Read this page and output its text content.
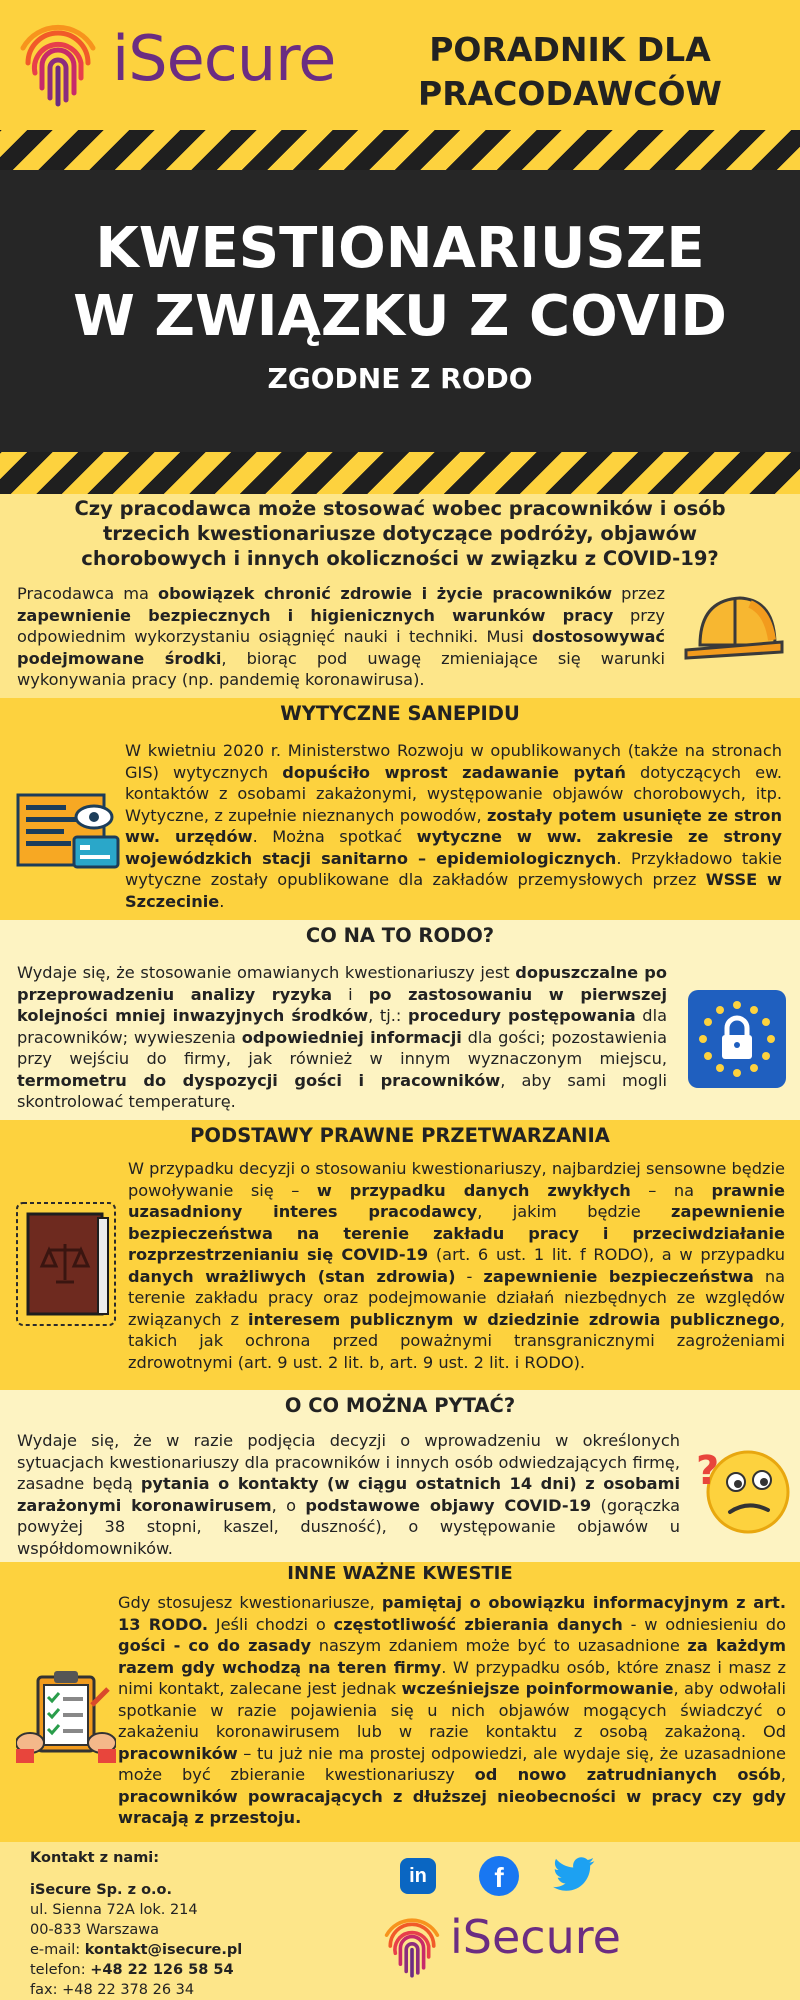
iSecure	PORADNIK DLA
PRACODAWCÓW
KWESTIONARIUSZE
W ZWIĄZKU Z COVID
ZGODNE Z RODO
Czy pracodawca może stosować wobec pracowników i osób trzecich kwestionariusze dotyczące podróży, objawów chorobowych i innych okoliczności w związku z COVID-19?
Pracodawca ma obowiązek chronić zdrowie i życie pracowników przez zapewnienie bezpiecznych i higienicznych warunków pracy przy odpowiednim wykorzystaniu osiągnięć nauki i techniki. Musi dostosowywać podejmowane środki, biorąc pod uwagę zmieniające się warunki wykonywania pracy (np. pandemię koronawirusa).
WYTYCZNE SANEPIDU
W kwietniu 2020 r. Ministerstwo Rozwoju w opublikowanych (także na stronach GIS) wytycznych dopuściło wprost zadawanie pytań dotyczących ew. kontaktów z osobami zakażonymi, występowanie objawów chorobowych, itp. Wytyczne, z zupełnie nieznanych powodów, zostały potem usunięte ze stron ww. urzędów. Można spotkać wytyczne w ww. zakresie ze strony wojewódzkich stacji sanitarno – epidemiologicznych. Przykładowo takie wytyczne zostały opublikowane dla zakładów przemysłowych przez WSSE w Szczecinie.
CO NA TO RODO?
Wydaje się, że stosowanie omawianych kwestionariuszy jest dopuszczalne po przeprowadzeniu analizy ryzyka i po zastosowaniu w pierwszej kolejności mniej inwazyjnych środków, tj.: procedury postępowania dla pracowników; wywieszenia odpowiedniej informacji dla gości; pozostawienia przy wejściu do firmy, jak również w innym wyznaczonym miejscu, termometru do dyspozycji gości i pracowników, aby sami mogli skontrolować temperaturę.
PODSTAWY PRAWNE PRZETWARZANIA
W przypadku decyzji o stosowaniu kwestionariuszy, najbardziej sensowne będzie powoływanie się – w przypadku danych zwykłych – na prawnie uzasadniony interes pracodawcy, jakim będzie zapewnienie bezpieczeństwa na terenie zakładu pracy i przeciwdziałanie rozprzestrzenianiu się COVID-19 (art. 6 ust. 1 lit. f RODO), a w przypadku danych wrażliwych (stan zdrowia) - zapewnienie bezpieczeństwa na terenie zakładu pracy oraz podejmowanie działań niezbędnych ze względów związanych z interesem publicznym w dziedzinie zdrowia publicznego, takich jak ochrona przed poważnymi transgranicznymi zagrożeniami zdrowotnymi (art. 9 ust. 2 lit. b, art. 9 ust. 2 lit. i RODO).
O CO MOŻNA PYTAĆ?
Wydaje się, że w razie podjęcia decyzji o wprowadzeniu w określonych sytuacjach kwestionariuszy dla pracowników i innych osób odwiedzających firmę, zasadne będą pytania o kontakty (w ciągu ostatnich 14 dni) z osobami zarażonymi koronawirusem, o podstawowe objawy COVID-19 (gorączka powyżej 38 stopni, kaszel, duszność), o występowanie objawów u współdomowników.
?
INNE WAŻNE KWESTIE
Gdy stosujesz kwestionariusze, pamiętaj o obowiązku informacyjnym z art. 13 RODO. Jeśli chodzi o częstotliwość zbierania danych - w odniesieniu do gości - co do zasady naszym zdaniem może być to uzasadnione za każdym razem gdy wchodzą na teren firmy. W przypadku osób, które znasz i masz z nimi kontakt, zalecane jest jednak wcześniejsze poinformowanie, aby odwołali spotkanie w razie pojawienia się u nich objawów mogących świadczyć o zakażeniu koronawirusem lub w razie kontaktu z osobą zakażoną. Od pracowników – tu już nie ma prostej odpowiedzi, ale wydaje się, że uzasadnione może być zbieranie kwestionariuszy od nowo zatrudnianych osób, pracowników powracających z dłuższej nieobecności w pracy czy gdy wracają z przestoju.
Kontakt z nami:
iSecure Sp. z o.o.
ul. Sienna 72A lok. 214
00-833 Warszawa
e-mail: kontakt@isecure.pl
telefon: +48 22 126 58 54
fax: +48 22 378 26 34
in	f
iSecure
